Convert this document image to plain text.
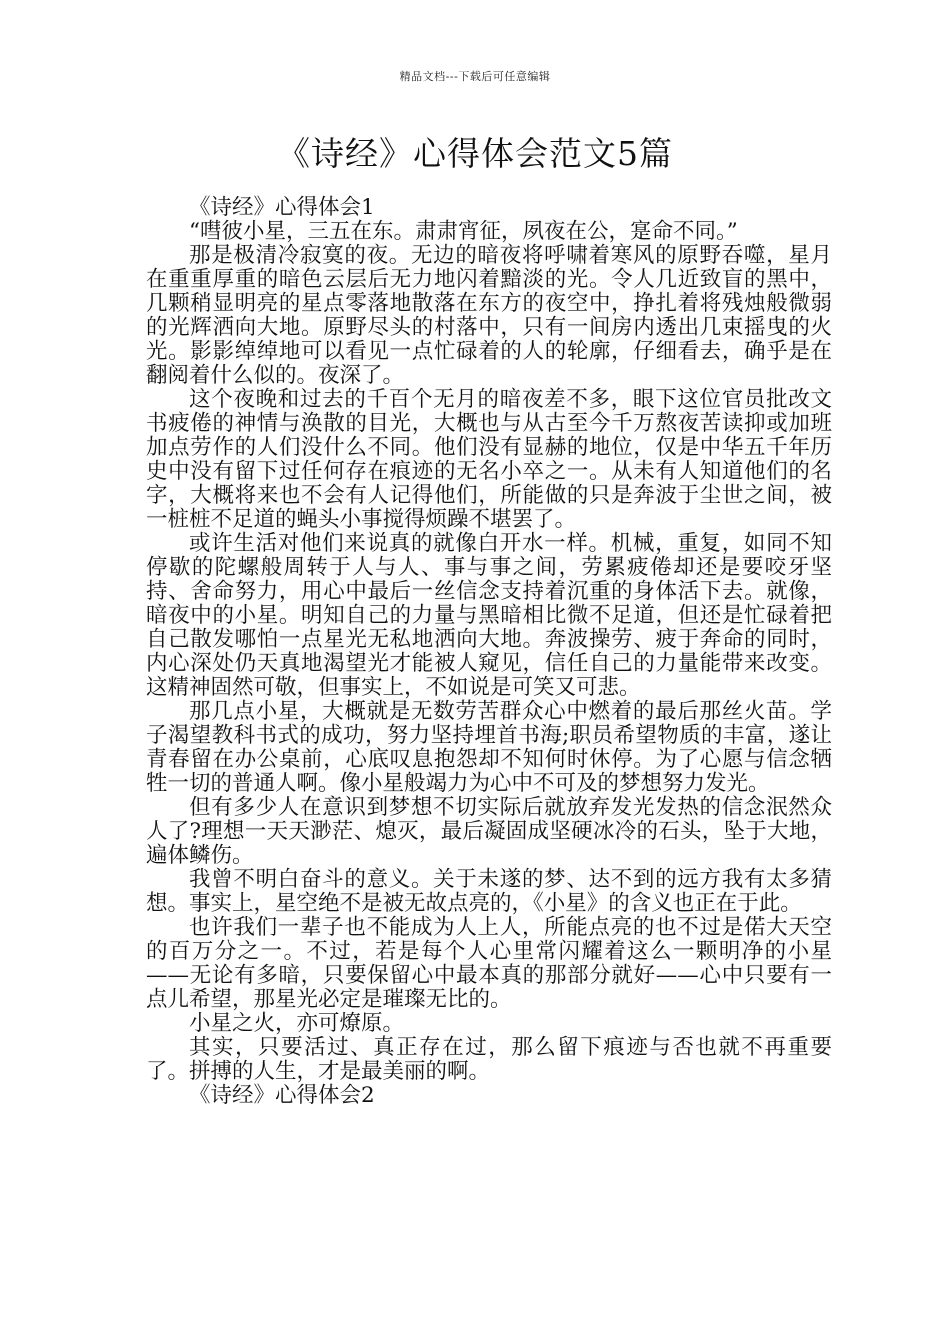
精品文档---下载后可任意编辑
《诗经》心得体会范文5篇

《诗经》心得体会1

“嘒彼小星，三五在东。肃肃宵征，夙夜在公，寔命不同。”

那是极清冷寂寞的夜。无边的暗夜将呼啸着寒风的原野吞噬，星月在重重厚重的暗色云层后无力地闪着黯淡的光。令人几近致盲的黑中，几颗稍显明亮的星点零落地散落在东方的夜空中，挣扎着将残烛般微弱的光辉洒向大地。原野尽头的村落中，只有一间房内透出几束摇曳的火光。影影绰绰地可以看见一点忙碌着的人的轮廓，仔细看去，确乎是在翻阅着什么似的。夜深了。

这个夜晚和过去的千百个无月的暗夜差不多，眼下这位官员批改文书疲倦的神情与涣散的目光，大概也与从古至今千万熬夜苦读抑或加班加点劳作的人们没什么不同。他们没有显赫的地位，仅是中华五千年历史中没有留下过任何存在痕迹的无名小卒之一。从未有人知道他们的名字，大概将来也不会有人记得他们，所能做的只是奔波于尘世之间，被一桩桩不足道的蝇头小事搅得烦躁不堪罢了。

或许生活对他们来说真的就像白开水一样。机械，重复，如同不知停歇的陀螺般周转于人与人、事与事之间，劳累疲倦却还是要咬牙坚持、舍命努力，用心中最后一丝信念支持着沉重的身体活下去。就像，暗夜中的小星。明知自己的力量与黑暗相比微不足道，但还是忙碌着把自己散发哪怕一点星光无私地洒向大地。奔波操劳、疲于奔命的同时，内心深处仍天真地渴望光才能被人窥见，信任自己的力量能带来改变。这精神固然可敬，但事实上，不如说是可笑又可悲。

那几点小星，大概就是无数劳苦群众心中燃着的最后那丝火苗。学子渴望教科书式的成功，努力坚持埋首书海;职员希望物质的丰富，遂让青春留在办公桌前，心底叹息抱怨却不知何时休停。为了心愿与信念牺牲一切的普通人啊。像小星般竭力为心中不可及的梦想努力发光。

但有多少人在意识到梦想不切实际后就放弃发光发热的信念泯然众人了?理想一天天渺茫、熄灭，最后凝固成坚硬冰冷的石头，坠于大地，遍体鳞伤。

我曾不明白奋斗的意义。关于未遂的梦、达不到的远方我有太多猜想。事实上，星空绝不是被无故点亮的，《小星》的含义也正在于此。

也许我们一辈子也不能成为人上人，所能点亮的也不过是偌大天空的百万分之一。不过，若是每个人心里常闪耀着这么一颗明净的小星——无论有多暗，只要保留心中最本真的那部分就好——心中只要有一点儿希望，那星光必定是璀璨无比的。

小星之火，亦可燎原。

其实，只要活过、真正存在过，那么留下痕迹与否也就不再重要了。拼搏的人生，才是最美丽的啊。

《诗经》心得体会2
